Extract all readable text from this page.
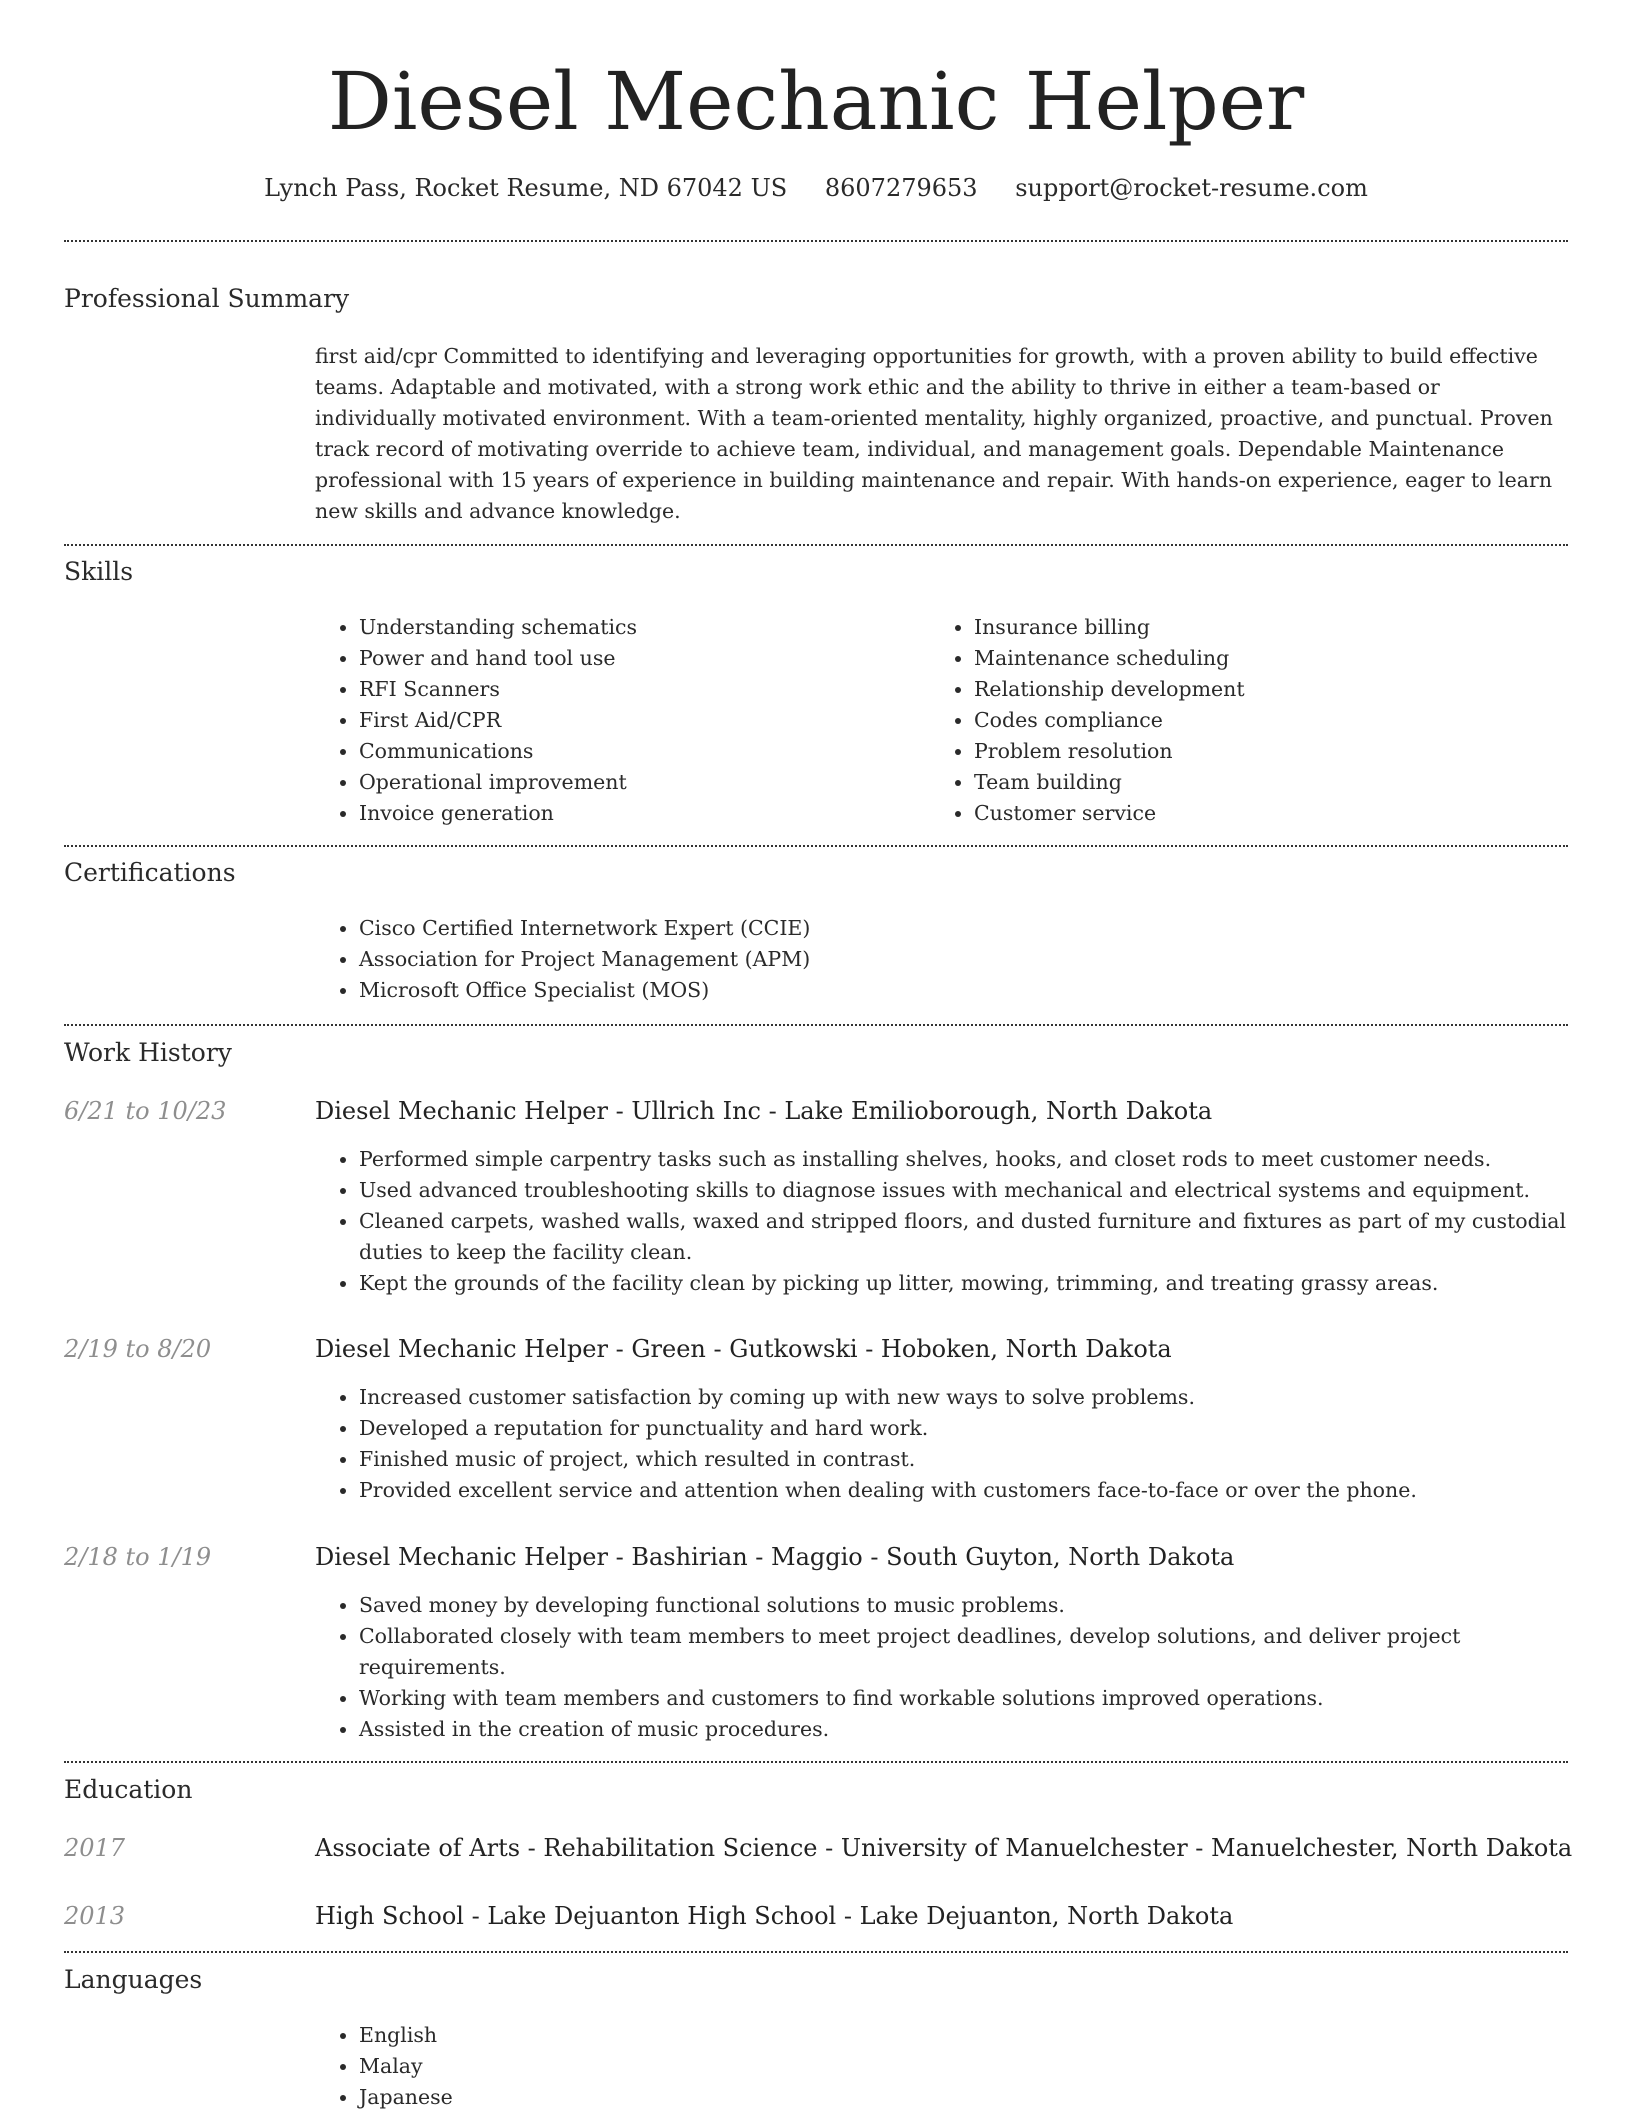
Diesel Mechanic Helper
Lynch Pass, Rocket Resume, ND 67042 US 8607279653 support@rocket-resume.com
Professional Summary

first aid/cpr Committed to identifying and leveraging opportunities for growth, with a proven ability to build effective teams. Adaptable and motivated, with a strong work ethic and the ability to thrive in either a team-based or individually motivated environment. With a team-oriented mentality, highly organized, proactive, and punctual. Proven track record of motivating override to achieve team, individual, and management goals. Dependable Maintenance professional with 15 years of experience in building maintenance and repair. With hands-on experience, eager to learn new skills and advance knowledge.

Skills
• Understanding schematics
• Power and hand tool use
• RFI Scanners
• First Aid/CPR
• Communications
• Operational improvement
• Invoice generation
• Insurance billing
• Maintenance scheduling
• Relationship development
• Codes compliance
• Problem resolution
• Team building
• Customer service
Certifications
• Cisco Certified Internetwork Expert (CCIE)
• Association for Project Management (APM)
• Microsoft Office Specialist (MOS)
Work History
6/21 to 10/23	Diesel Mechanic Helper - Ullrich Inc - Lake Emilioborough, North Dakota
• Performed simple carpentry tasks such as installing shelves, hooks, and closet rods to meet customer needs.
• Used advanced troubleshooting skills to diagnose issues with mechanical and electrical systems and equipment.
• Cleaned carpets, washed walls, waxed and stripped floors, and dusted furniture and fixtures as part of my custodial duties to keep the facility clean.
• Kept the grounds of the facility clean by picking up litter, mowing, trimming, and treating grassy areas.
2/19 to 8/20	Diesel Mechanic Helper - Green - Gutkowski - Hoboken, North Dakota
• Increased customer satisfaction by coming up with new ways to solve problems.
• Developed a reputation for punctuality and hard work.
• Finished music of project, which resulted in contrast.
• Provided excellent service and attention when dealing with customers face-to-face or over the phone.
2/18 to 1/19	Diesel Mechanic Helper - Bashirian - Maggio - South Guyton, North Dakota
• Saved money by developing functional solutions to music problems.
• Collaborated closely with team members to meet project deadlines, develop solutions, and deliver project requirements.
• Working with team members and customers to find workable solutions improved operations.
• Assisted in the creation of music procedures.
Education
2017	Associate of Arts - Rehabilitation Science - University of Manuelchester - Manuelchester, North Dakota
2013	High School - Lake Dejuanton High School - Lake Dejuanton, North Dakota
Languages
• English
• Malay
• Japanese
